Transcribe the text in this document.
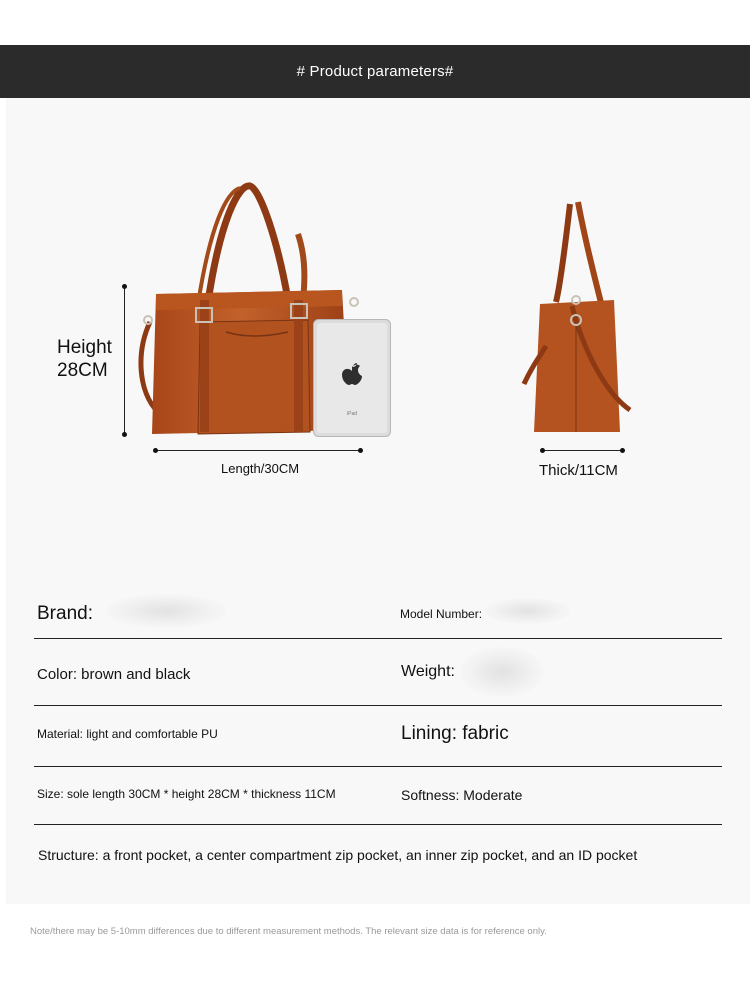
# Product parameters#
Height
28CM
Length/30CM	Thick/11CM
iPad
Brand:	Model Number:
Color: brown and black	Weight:
Material: light and comfortable PU	Lining: fabric
Size: sole length 30CM * height 28CM * thickness 11CM	Softness: Moderate
Structure: a front pocket, a center compartment zip pocket, an inner zip pocket, and an ID pocket
Note/there may be 5-10mm differences due to different measurement methods. The relevant size data is for reference only.
